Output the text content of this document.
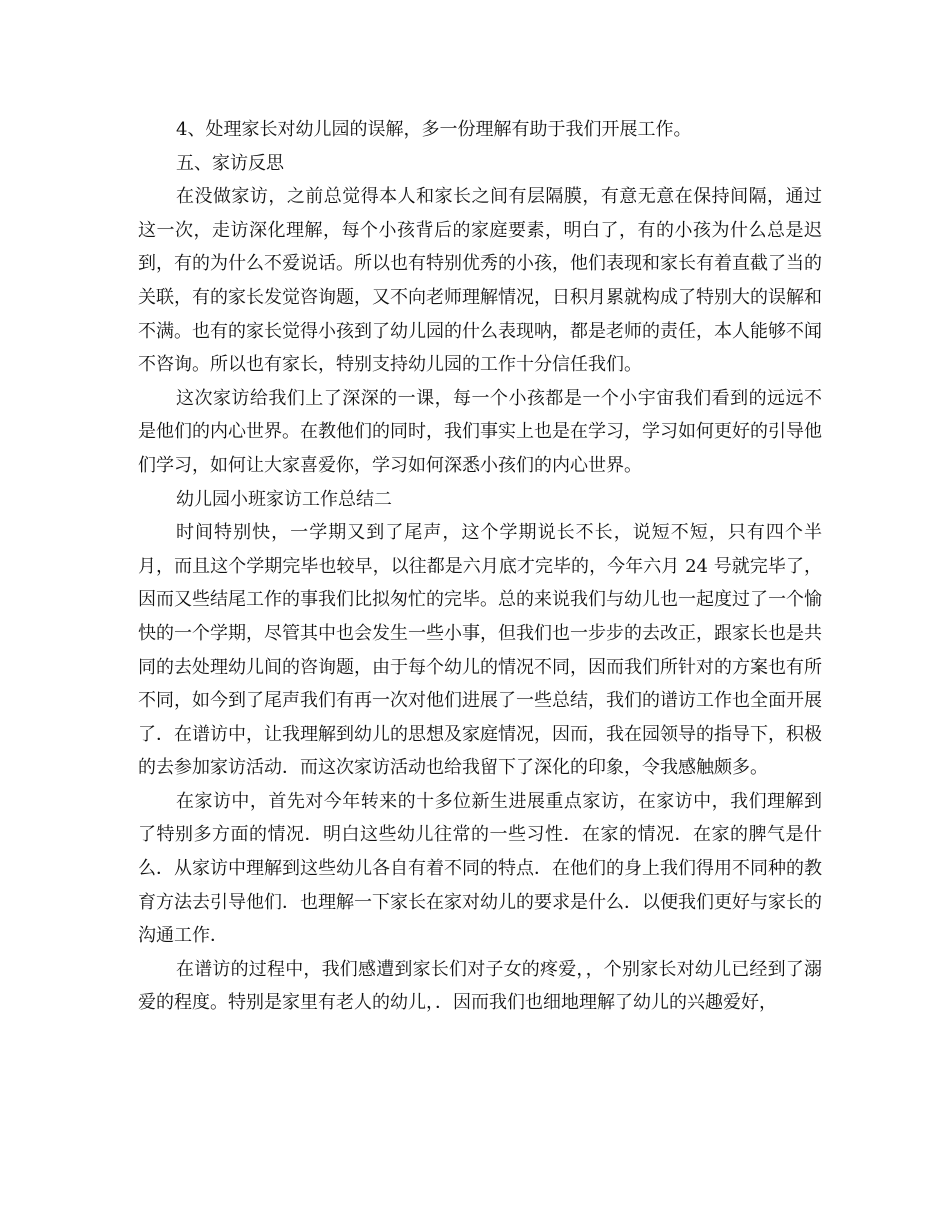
4、处理家长对幼儿园的误解，多一份理解有助于我们开展工作。

五、家访反思

在没做家访，之前总觉得本人和家长之间有层隔膜，有意无意在保持间隔，通过这一次，走访深化理解，每个小孩背后的家庭要素，明白了，有的小孩为什么总是迟到，有的为什么不爱说话。所以也有特别优秀的小孩，他们表现和家长有着直截了当的关联，有的家长发觉咨询题，又不向老师理解情况，日积月累就构成了特别大的误解和不满。也有的家长觉得小孩到了幼儿园的什么表现呐，都是老师的责任，本人能够不闻不咨询。所以也有家长，特别支持幼儿园的工作十分信任我们。

这次家访给我们上了深深的一课，每一个小孩都是一个小宇宙我们看到的远远不是他们的内心世界。在教他们的同时，我们事实上也是在学习，学习如何更好的引导他们学习，如何让大家喜爱你，学习如何深悉小孩们的内心世界。

幼儿园小班家访工作总结二

时间特别快，一学期又到了尾声，这个学期说长不长，说短不短，只有四个半月，而且这个学期完毕也较早，以往都是六月底才完毕的，今年六月 24 号就完毕了，因而又些结尾工作的事我们比拟匆忙的完毕。总的来说我们与幼儿也一起度过了一个愉快的一个学期，尽管其中也会发生一些小事，但我们也一步步的去改正，跟家长也是共同的去处理幼儿间的咨询题，由于每个幼儿的情况不同，因而我们所针对的方案也有所不同，如今到了尾声我们有再一次对他们进展了一些总结，我们的谱访工作也全面开展了．在谱访中，让我理解到幼儿的思想及家庭情况，因而，我在园领导的指导下，积极的去参加家访活动．而这次家访活动也给我留下了深化的印象，令我感触颇多。

在家访中，首先对今年转来的十多位新生进展重点家访，在家访中，我们理解到了特别多方面的情况．明白这些幼儿往常的一些习性．在家的情况．在家的脾气是什么．从家访中理解到这些幼儿各自有着不同的特点．在他们的身上我们得用不同种的教育方法去引导他们．也理解一下家长在家对幼儿的要求是什么．以便我们更好与家长的沟通工作．

在谱访的过程中，我们感遭到家长们对子女的疼爱，，个别家长对幼儿已经到了溺爱的程度。特别是家里有老人的幼儿，．因而我们也细地理解了幼儿的兴趣爱好，
